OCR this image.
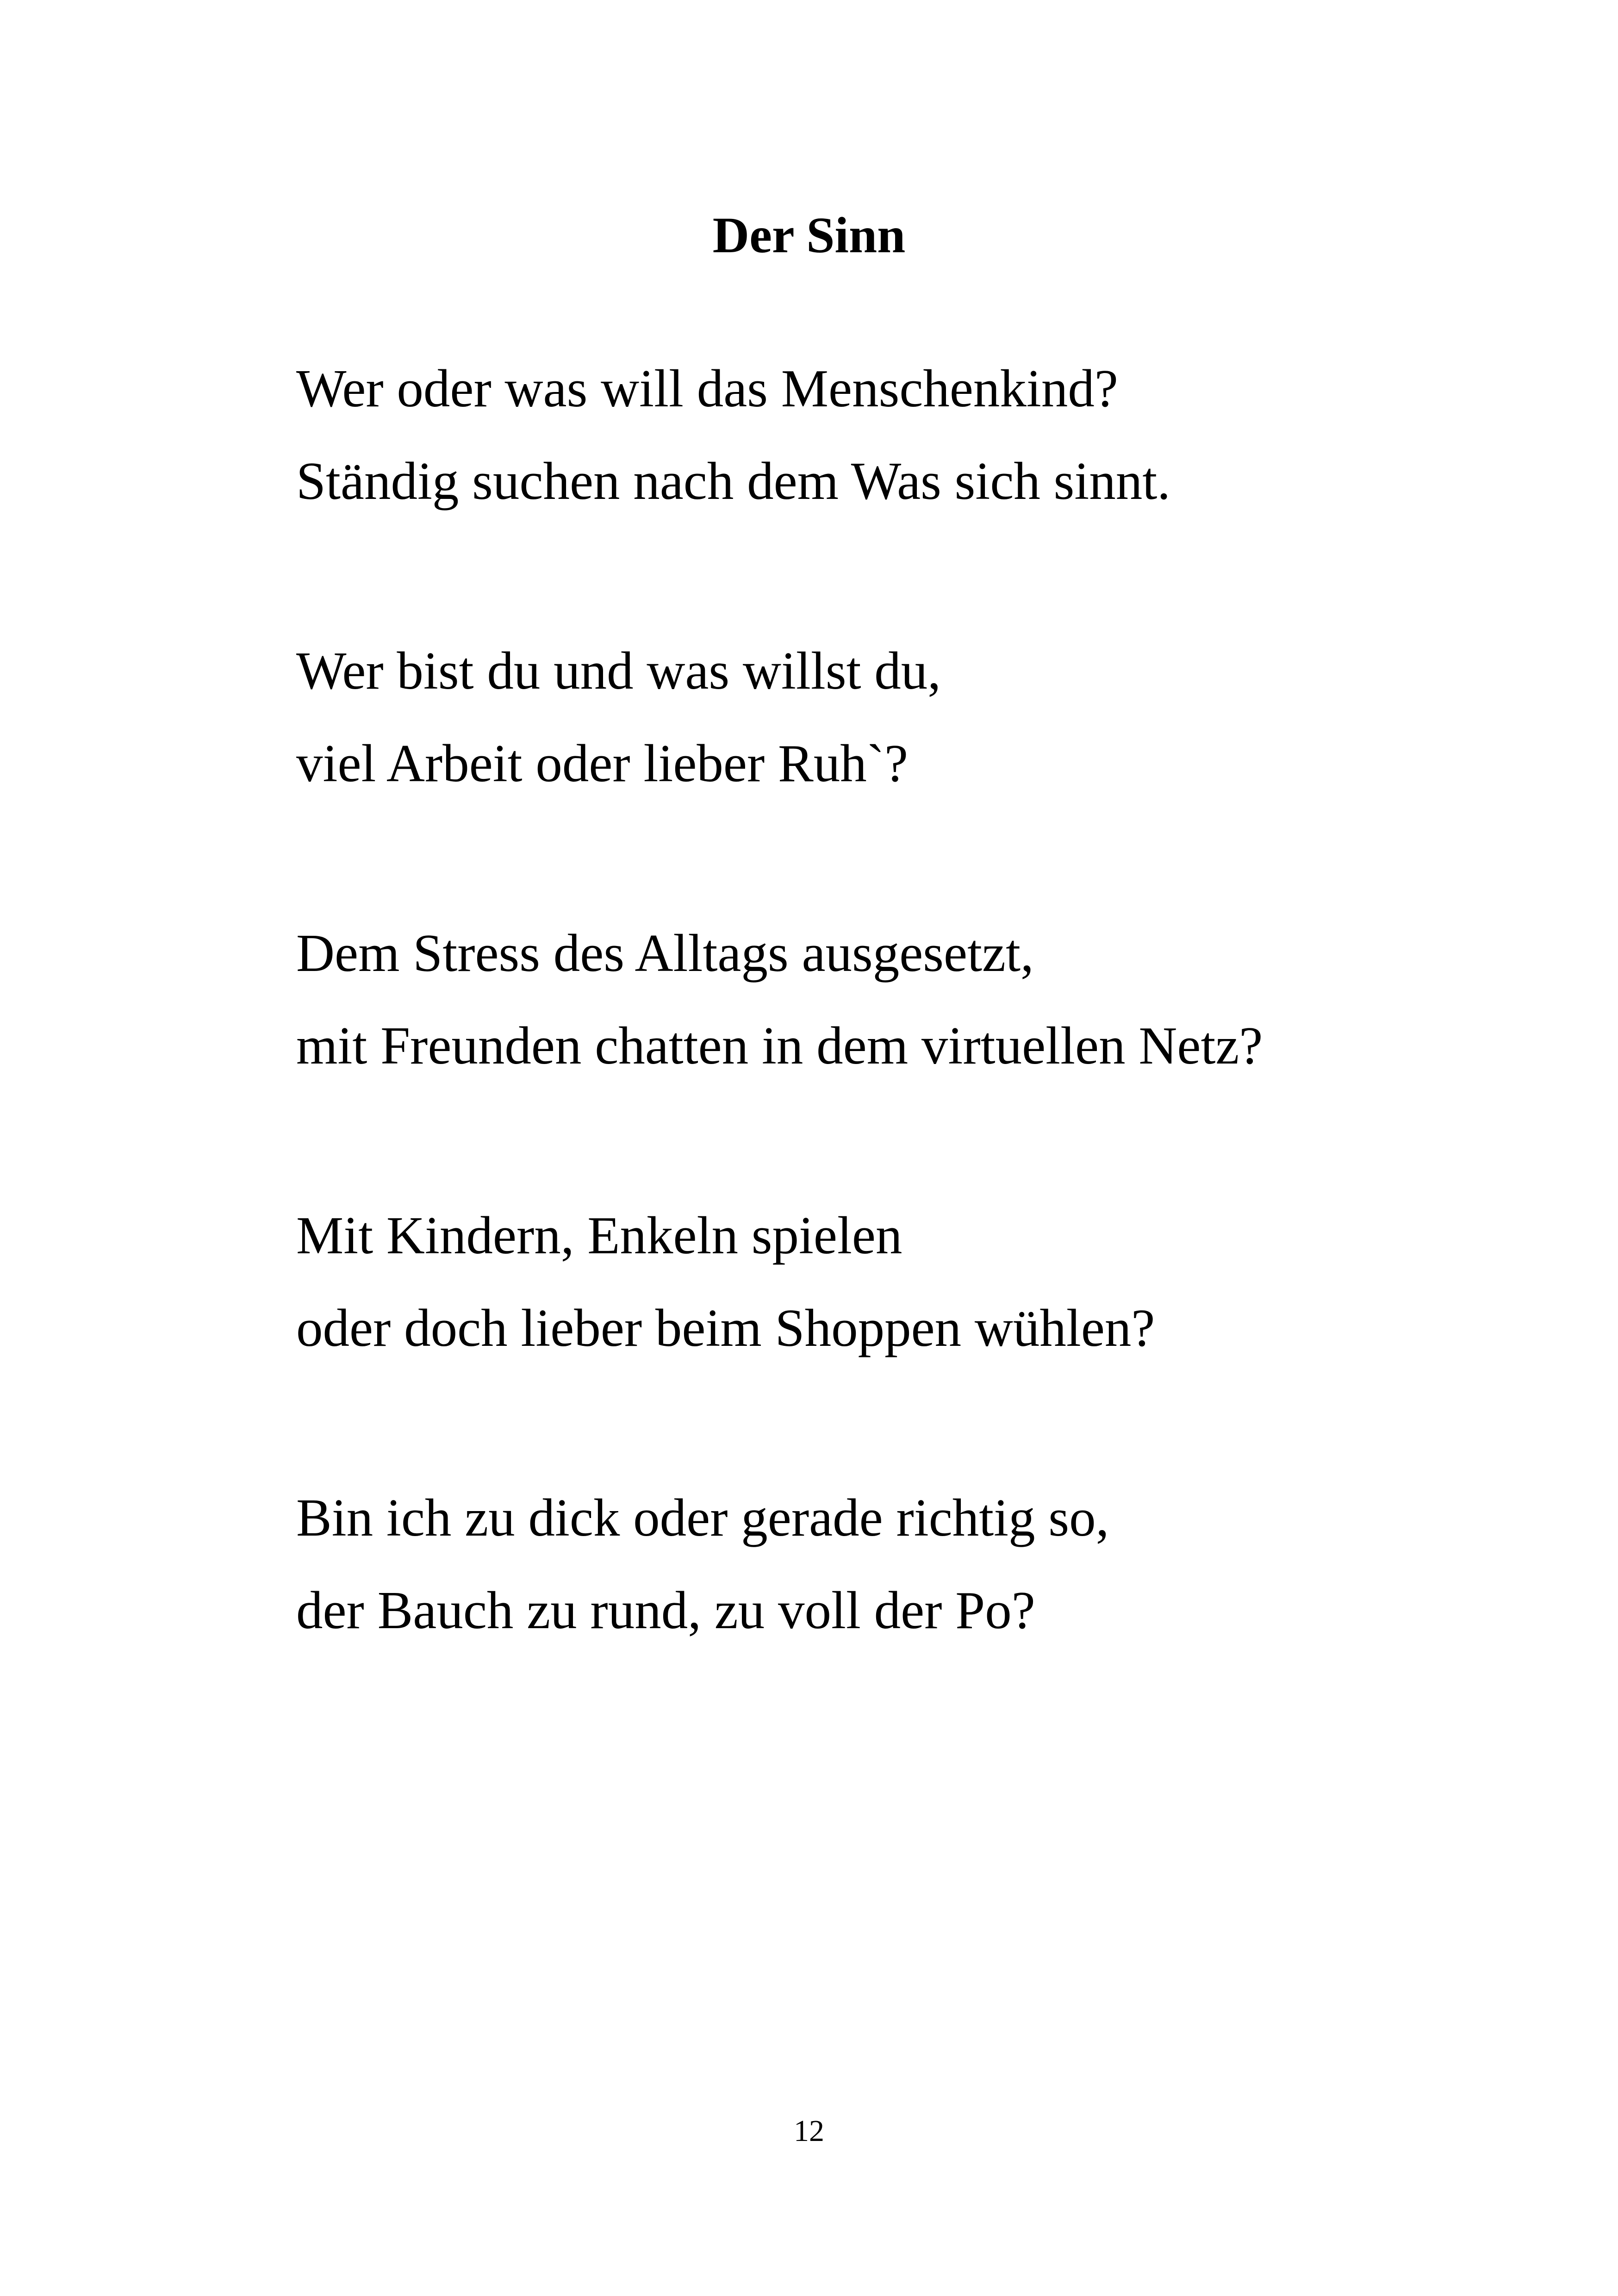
Der Sinn
Wer oder was will das Menschenkind?
Ständig suchen nach dem Was sich sinnt.
Wer bist du und was willst du,
viel Arbeit oder lieber Ruh`?
Dem Stress des Alltags ausgesetzt,
mit Freunden chatten in dem virtuellen Netz?
Mit Kindern, Enkeln spielen
oder doch lieber beim Shoppen wühlen?
Bin ich zu dick oder gerade richtig so,
der Bauch zu rund, zu voll der Po?
12
